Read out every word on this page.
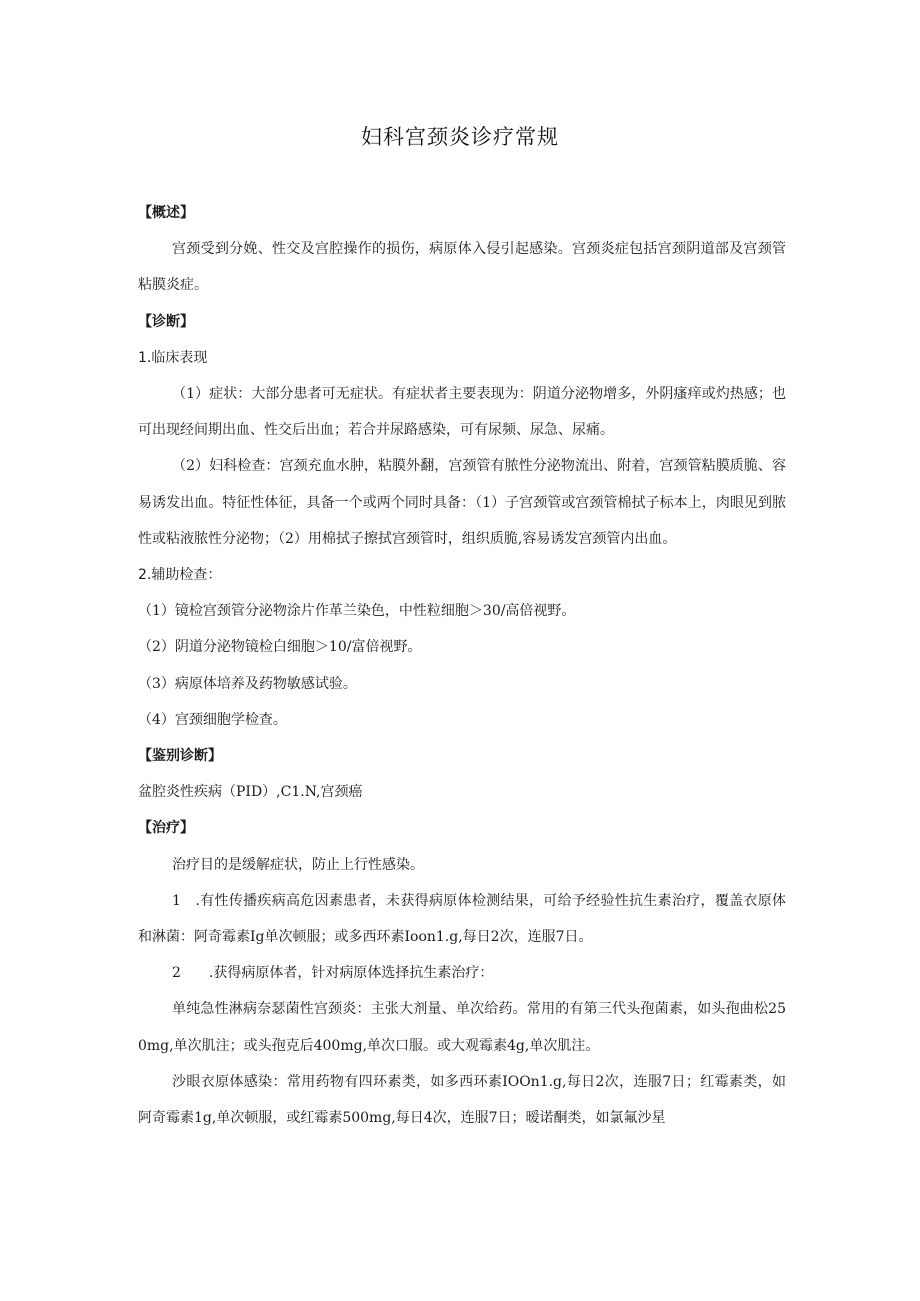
妇科宫颈炎诊疗常规

【概述】

宫颈受到分娩、性交及宫腔操作的损伤，病原体入侵引起感染。宫颈炎症包括宫颈阴道部及宫颈管粘膜炎症。

【诊断】

1.临床表现

（1）症状：大部分患者可无症状。有症状者主要表现为：阴道分泌物增多，外阴瘙痒或灼热感；也可出现经间期出血、性交后出血；若合并尿路感染，可有尿频、尿急、尿痛。

（2）妇科检查：宫颈充血水肿，粘膜外翻，宫颈管有脓性分泌物流出、附着，宫颈管粘膜质脆、容易诱发出血。特征性体征，具备一个或两个同时具备：（1）子宫颈管或宫颈管棉拭子标本上，肉眼见到脓性或粘液脓性分泌物；（2）用棉拭子擦拭宫颈管时，组织质脆,容易诱发宫颈管内出血。

2.辅助检查：

（1）镜检宫颈管分泌物涂片作革兰染色，中性粒细胞＞30/高倍视野。

（2）阴道分泌物镜检白细胞＞10/富倍视野。

（3）病原体培养及药物敏感试验。

（4）宫颈细胞学检查。

【鉴别诊断】

盆腔炎性疾病（PID）,C1.N,宫颈癌

【治疗】

治疗目的是缓解症状，防止上行性感染。

1　.有性传播疾病高危因素患者，未获得病原体检测结果，可给予经验性抗生素治疗，覆盖衣原体和淋菌：阿奇霉素Ig单次顿服；或多西环素Ioon1.g,每日2次，连服7日。

2　　.获得病原体者，针对病原体选择抗生素治疗：

单纯急性淋病奈瑟菌性宫颈炎：主张大剂量、单次给药。常用的有第三代头孢菌素，如头孢曲松250mg,单次肌注；或头孢克后400mg,单次口服。或大观霉素4g,单次肌注。

沙眼衣原体感染：常用药物有四环素类，如多西环素IOOn1.g,每日2次，连服7日；红霉素类，如阿奇霉素1g,单次顿服，或红霉素500mg,每日4次，连服7日；暧诺酮类，如氯氟沙星
